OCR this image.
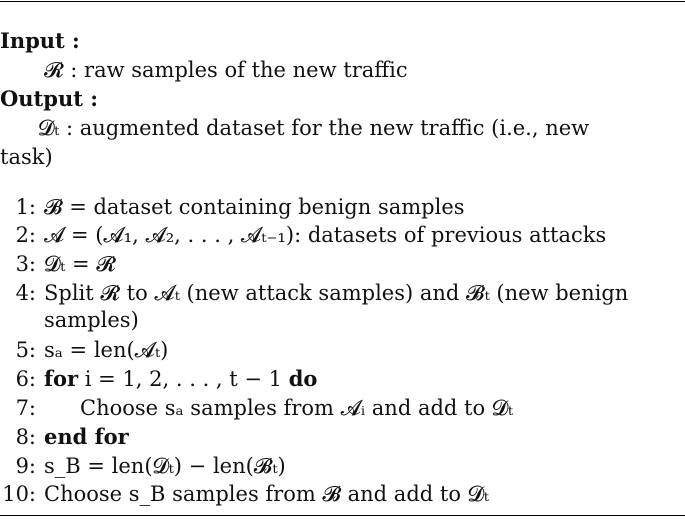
Input :
𝓡 : raw samples of the new traffic
Output :
𝓓ₜ : augmented dataset for the new traffic (i.e., new
task)
1: 𝓑 = dataset containing benign samples
2: 𝓐 = (𝓐₁, 𝓐₂, . . . , 𝓐ₜ₋₁): datasets of previous attacks
3: 𝓓ₜ = 𝓡
4: Split 𝓡 to 𝓐ₜ (new attack samples) and 𝓑ₜ (new benign
samples)
5: sₐ = len(𝓐ₜ)
6: for i = 1, 2, . . . , t − 1 do
7: Choose sₐ samples from 𝓐ᵢ and add to 𝓓ₜ
8: end for
9: s_B = len(𝓓ₜ) − len(𝓑ₜ)
10: Choose s_B samples from 𝓑 and add to 𝓓ₜ
